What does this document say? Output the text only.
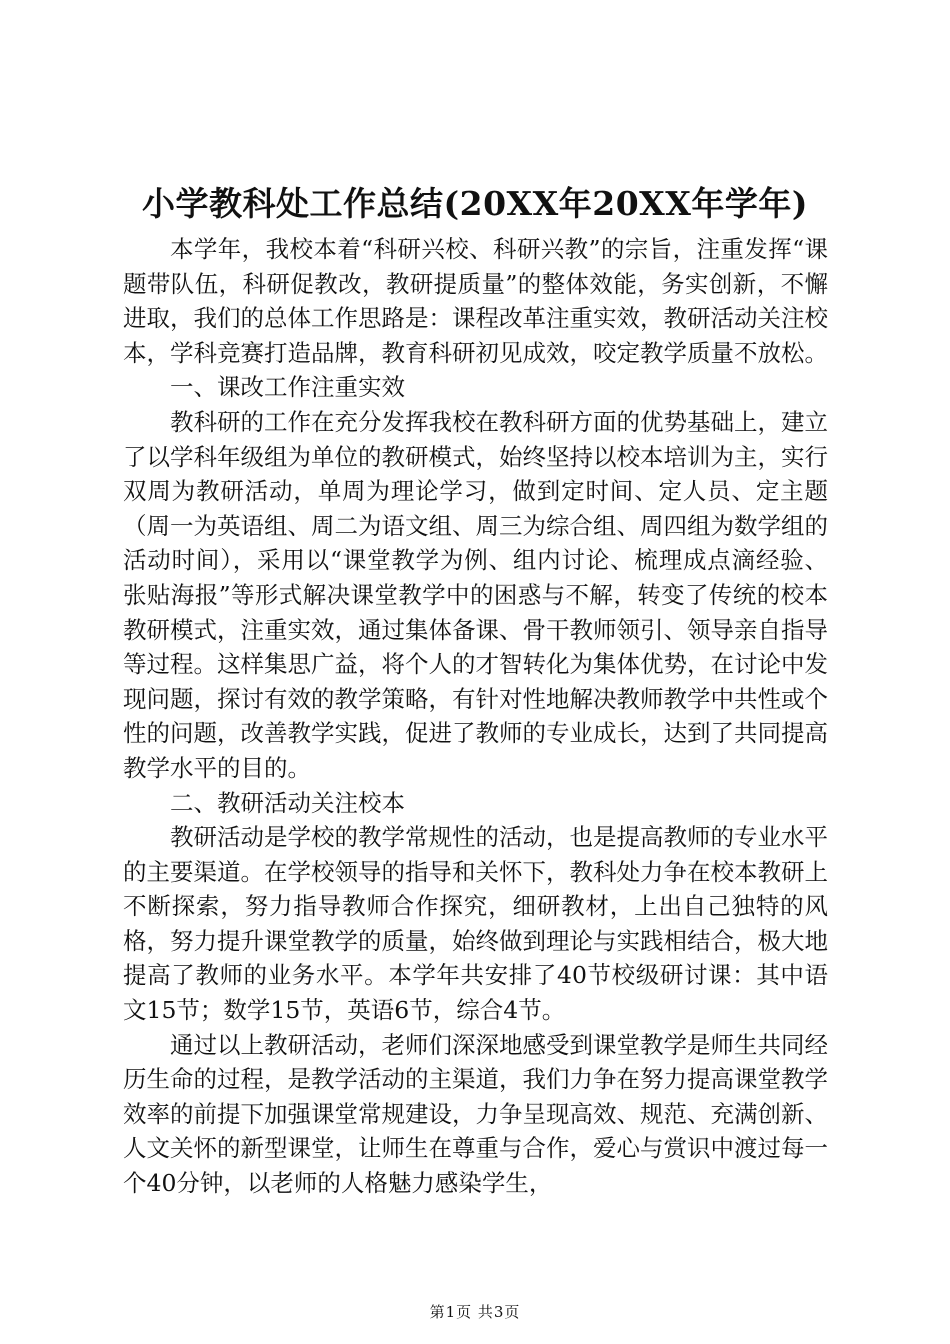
小学教科处工作总结(20XX年20XX年学年)

本学年，我校本着“科研兴校、科研兴教”的宗旨，注重发挥“课题带队伍，科研促教改，教研提质量”的整体效能，务实创新，不懈进取，我们的总体工作思路是：课程改革注重实效，教研活动关注校本，学科竞赛打造品牌，教育科研初见成效，咬定教学质量不放松。

一、课改工作注重实效

教科研的工作在充分发挥我校在教科研方面的优势基础上，建立了以学科年级组为单位的教研模式，始终坚持以校本培训为主，实行双周为教研活动，单周为理论学习，做到定时间、定人员、定主题（周一为英语组、周二为语文组、周三为综合组、周四组为数学组的活动时间），采用以“课堂教学为例、组内讨论、梳理成点滴经验、张贴海报”等形式解决课堂教学中的困惑与不解，转变了传统的校本教研模式，注重实效，通过集体备课、骨干教师领引、领导亲自指导等过程。这样集思广益，将个人的才智转化为集体优势，在讨论中发现问题，探讨有效的教学策略，有针对性地解决教师教学中共性或个性的问题，改善教学实践，促进了教师的专业成长，达到了共同提高教学水平的目的。

二、教研活动关注校本

教研活动是学校的教学常规性的活动，也是提高教师的专业水平的主要渠道。在学校领导的指导和关怀下，教科处力争在校本教研上不断探索，努力指导教师合作探究，细研教材，上出自己独特的风格，努力提升课堂教学的质量，始终做到理论与实践相结合，极大地提高了教师的业务水平。本学年共安排了40节校级研讨课：其中语文15节；数学15节，英语6节，综合4节。

通过以上教研活动，老师们深深地感受到课堂教学是师生共同经历生命的过程，是教学活动的主渠道，我们力争在努力提高课堂教学效率的前提下加强课堂常规建设，力争呈现高效、规范、充满创新、人文关怀的新型课堂，让师生在尊重与合作，爱心与赏识中渡过每一个40分钟，以老师的人格魅力感染学生，

第1页 共3页
